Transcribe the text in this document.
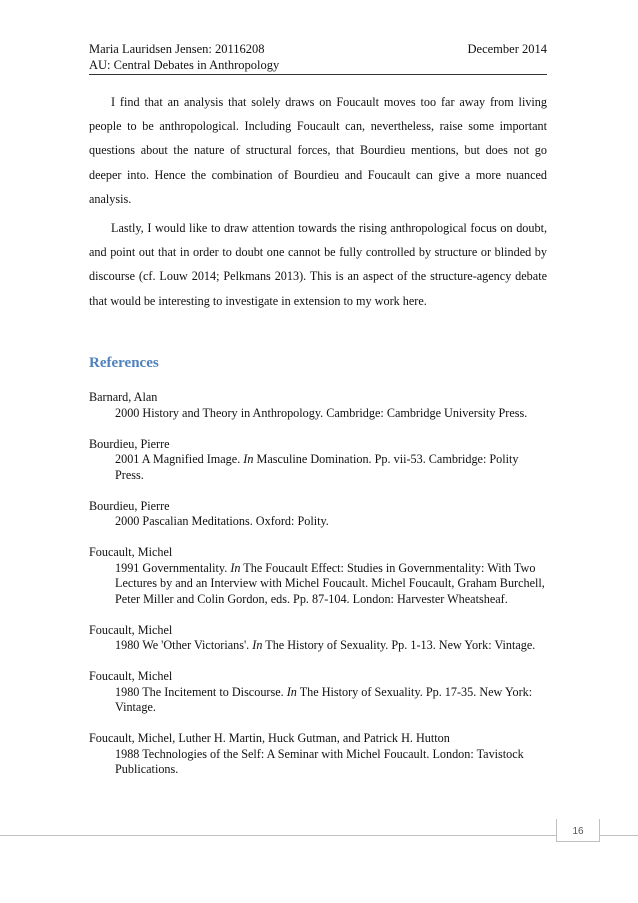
Maria Lauridsen Jensen: 20116208	December 2014
AU: Central Debates in Anthropology

I find that an analysis that solely draws on Foucault moves too far away from living people to be anthropological. Including Foucault can, nevertheless, raise some important questions about the nature of structural forces, that Bourdieu mentions, but does not go deeper into. Hence the combination of Bourdieu and Foucault can give a more nuanced analysis.

Lastly, I would like to draw attention towards the rising anthropological focus on doubt, and point out that in order to doubt one cannot be fully controlled by structure or blinded by discourse (cf. Louw 2014; Pelkmans 2013). This is an aspect of the structure-agency debate that would be interesting to investigate in extension to my work here.

References
Barnard, Alan
2000 History and Theory in Anthropology. Cambridge: Cambridge University Press.
Bourdieu, Pierre
2001 A Magnified Image. In Masculine Domination. Pp. vii-53. Cambridge: Polity Press.
Bourdieu, Pierre
2000 Pascalian Meditations. Oxford: Polity.
Foucault, Michel
1991 Governmentality. In The Foucault Effect: Studies in Governmentality: With Two Lectures by and an Interview with Michel Foucault. Michel Foucault, Graham Burchell, Peter Miller and Colin Gordon, eds. Pp. 87-104. London: Harvester Wheatsheaf.
Foucault, Michel
1980 We 'Other Victorians'. In The History of Sexuality. Pp. 1-13. New York: Vintage.
Foucault, Michel
1980 The Incitement to Discourse. In The History of Sexuality. Pp. 17-35. New York: Vintage.
Foucault, Michel, Luther H. Martin, Huck Gutman, and Patrick H. Hutton
1988 Technologies of the Self: A Seminar with Michel Foucault. London: Tavistock Publications.
16
